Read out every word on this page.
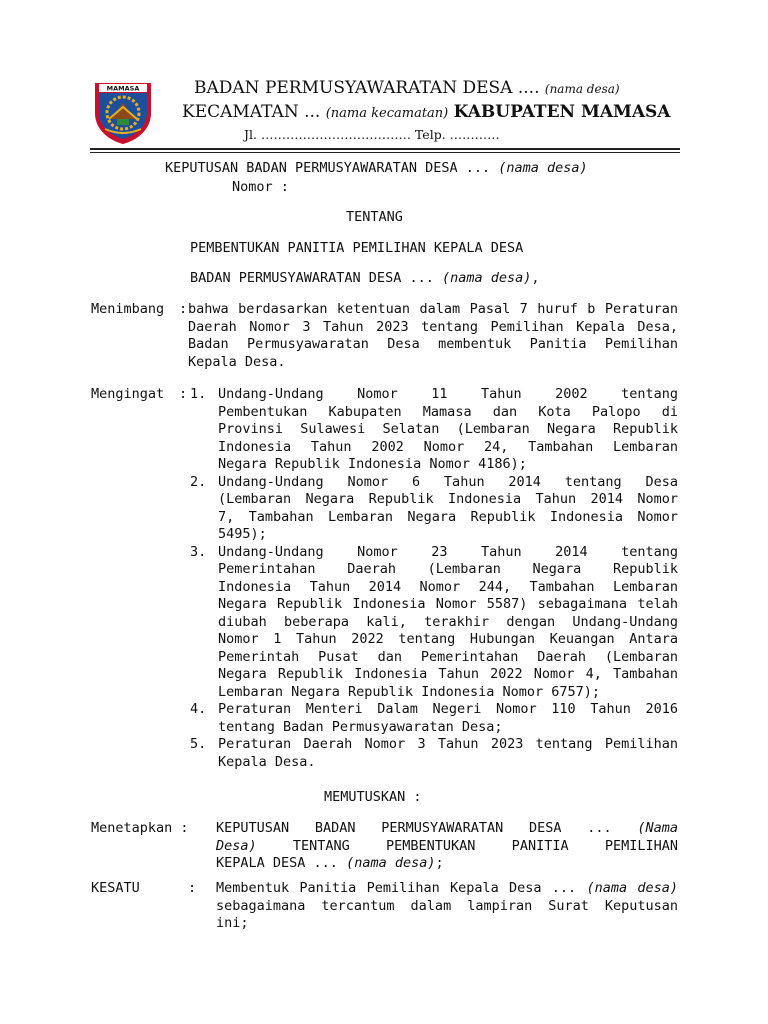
MAMASA	BADAN PERMUSYAWARATAN DESA .... (nama desa)
KECAMATAN ... (nama kecamatan) KABUPATEN MAMASA
Jl. ……………………………… Telp. …………
KEPUTUSAN BADAN PERMUSYAWARATAN DESA ... (nama desa)
Nomor :
TENTANG
PEMBENTUKAN PANITIA PEMILIHAN KEPALA DESA
BADAN PERMUSYAWARATAN DESA ... (nama desa),
Menimbang : bahwa berdasarkan ketentuan dalam Pasal 7 huruf b Peraturan
Daerah Nomor 3 Tahun 2023 tentang Pemilihan Kepala Desa,
Badan Permusyawaratan Desa membentuk Panitia Pemilihan
Kepala Desa.
Mengingat : 1. Undang-Undang Nomor 11 Tahun 2002 tentang
Pembentukan Kabupaten Mamasa dan Kota Palopo di
Provinsi Sulawesi Selatan (Lembaran Negara Republik
Indonesia Tahun 2002 Nomor 24, Tambahan Lembaran
Negara Republik Indonesia Nomor 4186);
2. Undang-Undang Nomor 6 Tahun 2014 tentang Desa
(Lembaran Negara Republik Indonesia Tahun 2014 Nomor
7, Tambahan Lembaran Negara Republik Indonesia Nomor
5495);
3. Undang-Undang Nomor 23 Tahun 2014 tentang
Pemerintahan Daerah (Lembaran Negara Republik
Indonesia Tahun 2014 Nomor 244, Tambahan Lembaran
Negara Republik Indonesia Nomor 5587) sebagaimana telah
diubah beberapa kali, terakhir dengan Undang-Undang
Nomor 1 Tahun 2022 tentang Hubungan Keuangan Antara
Pemerintah Pusat dan Pemerintahan Daerah (Lembaran
Negara Republik Indonesia Tahun 2022 Nomor 4, Tambahan
Lembaran Negara Republik Indonesia Nomor 6757);
4. Peraturan Menteri Dalam Negeri Nomor 110 Tahun 2016
tentang Badan Permusyawaratan Desa;
5. Peraturan Daerah Nomor 3 Tahun 2023 tentang Pemilihan
Kepala Desa.
MEMUTUSKAN :
Menetapkan : KEPUTUSAN BADAN PERMUSYAWARATAN DESA ... (Nama
Desa)	TENTANG PEMBENTUKAN PANITIA PEMILIHAN
KEPALA DESA ... (nama desa);
KESATU	: Membentuk Panitia Pemilihan Kepala Desa ... (nama desa)
sebagaimana tercantum dalam lampiran Surat Keputusan
ini;
